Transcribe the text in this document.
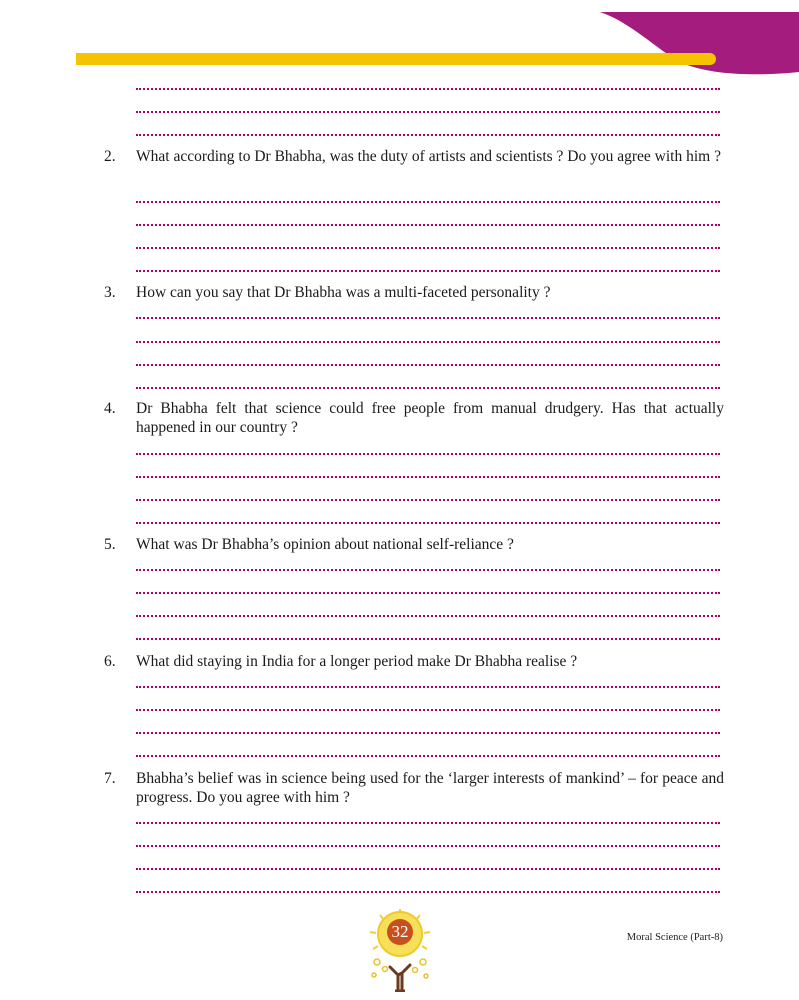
2. What according to Dr Bhabha, was the duty of artists and scientists ? Do you agree with him ?
3. How can you say that Dr Bhabha was a multi-faceted personality ?
4. Dr Bhabha felt that science could free people from manual drudgery. Has that actually happened in our country ?
5. What was Dr Bhabha’s opinion about national self-reliance ?
6. What did staying in India for a longer period make Dr Bhabha realise ?
7. Bhabha’s belief was in science being used for the ‘larger interests of mankind’ – for peace and progress. Do you agree with him ?
32	Moral Science (Part-8)
